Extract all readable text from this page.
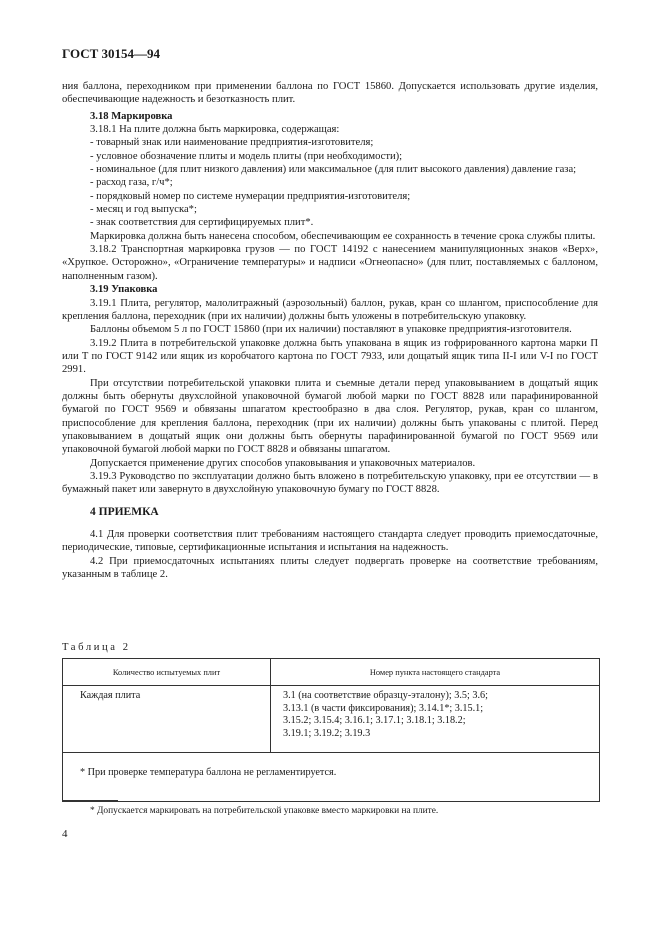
ГОСТ 30154—94

ния баллона, переходником при применении баллона по ГОСТ 15860. Допускается использовать другие изделия, обеспечивающие надежность и безотказность плит.

3.18 Маркировка

3.18.1 На плите должна быть маркировка, содержащая:

- товарный знак или наименование предприятия-изготовителя;

- условное обозначение плиты и модель плиты (при необходимости);

- номинальное (для плит низкого давления) или максимальное (для плит высокого давления) давление газа;

- расход газа, г/ч*;

- порядковый номер по системе нумерации предприятия-изготовителя;

- месяц и год выпуска*;

- знак соответствия для сертифицируемых плит*.

Маркировка должна быть нанесена способом, обеспечивающим ее сохранность в течение срока службы плиты.

3.18.2 Транспортная маркировка грузов — по ГОСТ 14192 с нанесением манипуляционных знаков «Верх», «Хрупкое. Осторожно», «Ограничение температуры» и надписи «Огнеопасно» (для плит, поставляемых с баллоном, наполненным газом).

3.19 Упаковка

3.19.1 Плита, регулятор, малолитражный (аэрозольный) баллон, рукав, кран со шлангом, приспособление для крепления баллона, переходник (при их наличии) должны быть уложены в потребительскую упаковку.

Баллоны объемом 5 л по ГОСТ 15860 (при их наличии) поставляют в упаковке предприятия-изготовителя.

3.19.2 Плита в потребительской упаковке должна быть упакована в ящик из гофрированного картона марки П или Т по ГОСТ 9142 или ящик из коробчатого картона по ГОСТ 7933, или дощатый ящик типа II-I или V-I по ГОСТ 2991.

При отсутствии потребительской упаковки плита и съемные детали перед упаковыванием в дощатый ящик должны быть обернуты двухслойной упаковочной бумагой любой марки по ГОСТ 8828 или парафинированной бумагой по ГОСТ 9569 и обвязаны шпагатом крестообразно в два слоя. Регулятор, рукав, кран со шлангом, приспособление для крепления баллона, переходник (при их наличии) должны быть упакованы с плитой. Перед упаковыванием в дощатый ящик они должны быть обернуты парафинированной бумагой по ГОСТ 9569 или упаковочной бумагой любой марки по ГОСТ 8828 и обвязаны шпагатом.

Допускается применение других способов упаковывания и упаковочных материалов.

3.19.3 Руководство по эксплуатации должно быть вложено в потребительскую упаковку, при ее отсутствии — в бумажный пакет или завернуто в двухслойную упаковочную бумагу по ГОСТ 8828.

4 ПРИЕМКА

4.1 Для проверки соответствия плит требованиям настоящего стандарта следует проводить приемосдаточные, периодические, типовые, сертификационные испытания и испытания на надежность.

4.2 При приемосдаточных испытаниях плиты следует подвергать проверке на соответствие требованиям, указанным в таблице 2.

Таблица 2
Количество испытуемых плит	Номер пункта настоящего стандарта
Каждая плита	3.1 (на соответствие образцу-эталону); 3.5; 3.6;
3.13.1 (в части фиксирования); 3.14.1*; 3.15.1;
3.15.2; 3.15.4; 3.16.1; 3.17.1; 3.18.1; 3.18.2;
3.19.1; 3.19.2; 3.19.3

* При проверке температура баллона не регламентируется.	
* Допускается маркировать на потребительской упаковке вместо маркировки на плите.
4
